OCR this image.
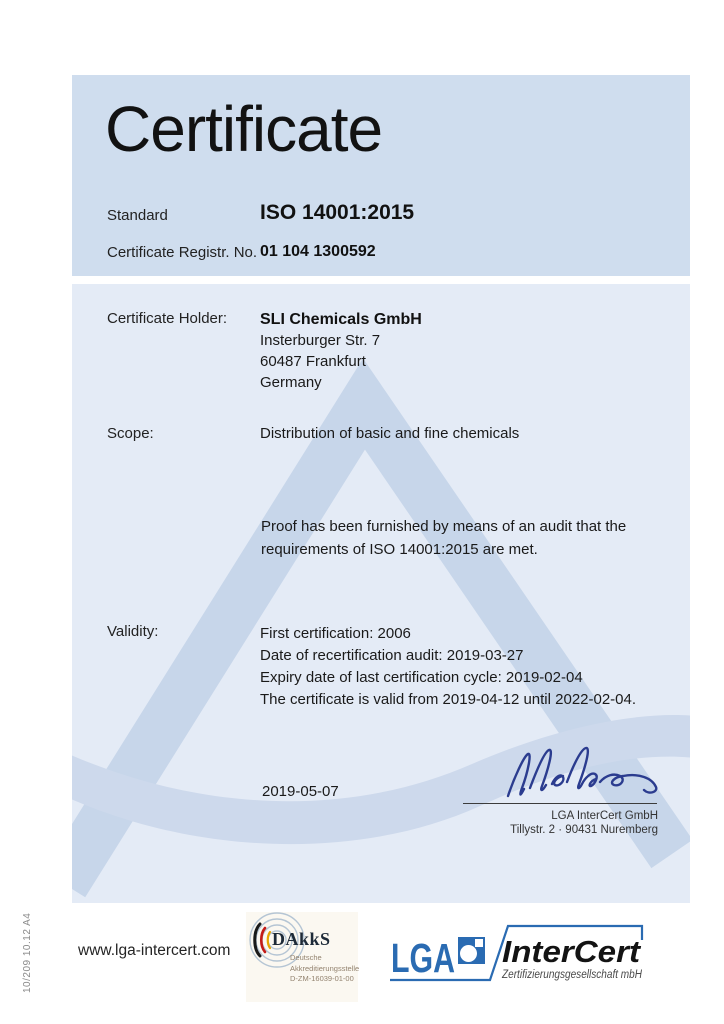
10/209 10.12 A4
Certificate
Standard	ISO 14001:2015
Certificate Registr. No. 01 104 1300592
Certificate Holder: SLI Chemicals GmbH
Insterburger Str. 7
60487 Frankfurt
Germany
Scope:	Distribution of basic and fine chemicals
Proof has been furnished by means of an audit that the requirements of ISO 14001:2015 are met.
Validity:	First certification: 2006
Date of recertification audit: 2019-03-27
Expiry date of last certification cycle: 2019-02-04
The certificate is valid from 2019-04-12 until 2022-02-04.
2019-05-07
LGA InterCert GmbH
Tillystr. 2 · 90431 Nuremberg
www.lga-intercert.com
DAkkS
Deutsche
Akkreditierungsstelle
D-ZM-16039-01-00 LGA InterCert
Zertifizierungsgesellschaft mbH
